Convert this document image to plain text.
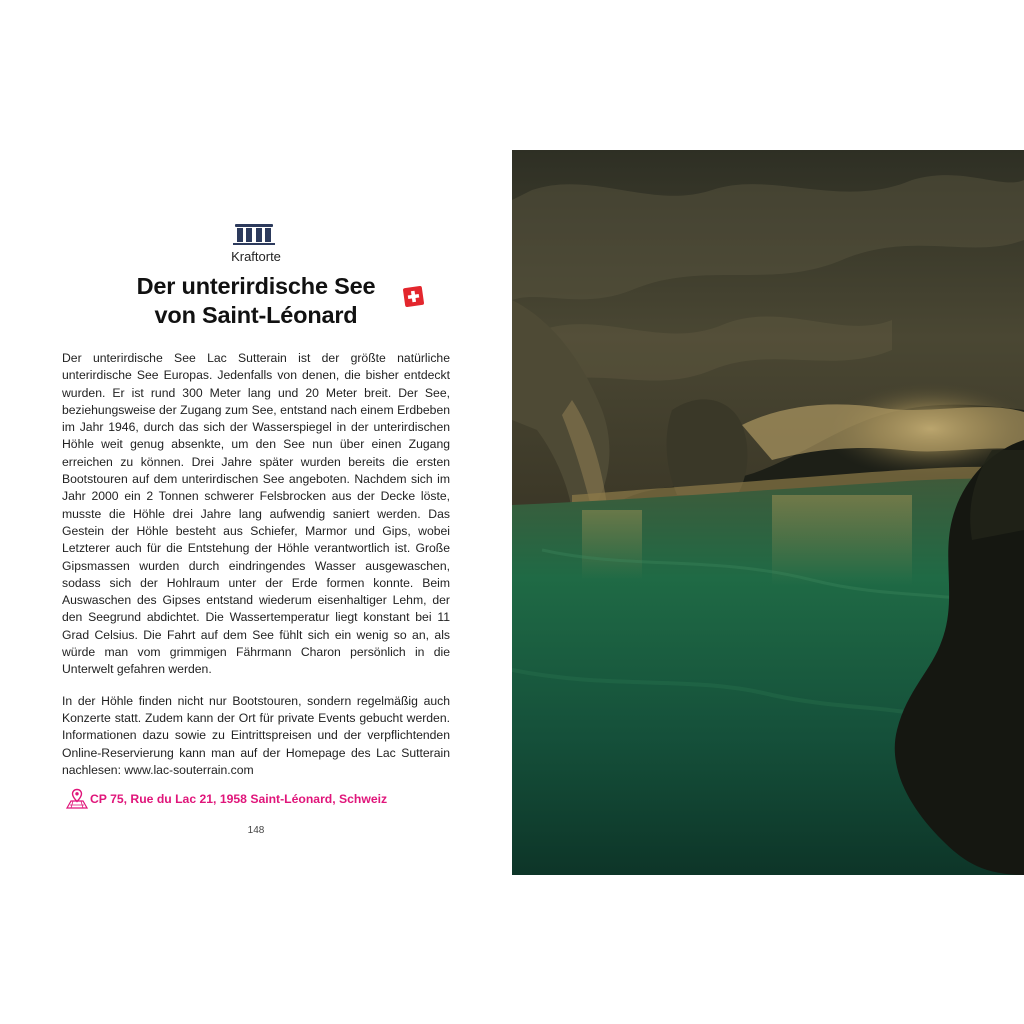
Kraftorte
Der unterirdische See
von Saint-Léonard

Der unterirdische See Lac Sutterain ist der größte natürliche unterirdische See Europas. Jedenfalls von denen, die bisher entdeckt wurden. Er ist rund 300 Meter lang und 20 Meter breit. Der See, beziehungsweise der Zugang zum See, entstand nach einem Erdbeben im Jahr 1946, durch das sich der Wasserspiegel in der unterirdischen Höhle weit genug absenkte, um den See nun über einen Zugang erreichen zu können. Drei Jahre später wurden bereits die ersten Bootstouren auf dem unterirdischen See angeboten. Nachdem sich im Jahr 2000 ein 2 Tonnen schwerer Felsbrocken aus der Decke löste, musste die Höhle drei Jahre lang aufwendig saniert werden. Das Gestein der Höhle besteht aus Schiefer, Marmor und Gips, wobei Letzterer auch für die Entstehung der Höhle verantwortlich ist. Große Gipsmassen wurden durch eindringendes Wasser ausgewaschen, sodass sich der Hohlraum unter der Erde formen konnte. Beim Auswaschen des Gipses entstand wiederum eisenhaltiger Lehm, der den Seegrund abdichtet. Die Wassertemperatur liegt konstant bei 11 Grad Celsius. Die Fahrt auf dem See fühlt sich ein wenig so an, als würde man vom grimmigen Fährmann Charon persönlich in die Unterwelt gefahren werden.

In der Höhle finden nicht nur Bootstouren, sondern regelmäßig auch Konzerte statt. Zudem kann der Ort für private Events gebucht werden. Informationen dazu sowie zu Eintrittspreisen und der verpflichtenden Online-Reservierung kann man auf der Homepage des Lac Sutterain nachlesen: www.lac-souterrain.com

CP 75, Rue du Lac 21, 1958 Saint-Léonard, Schweiz
148
